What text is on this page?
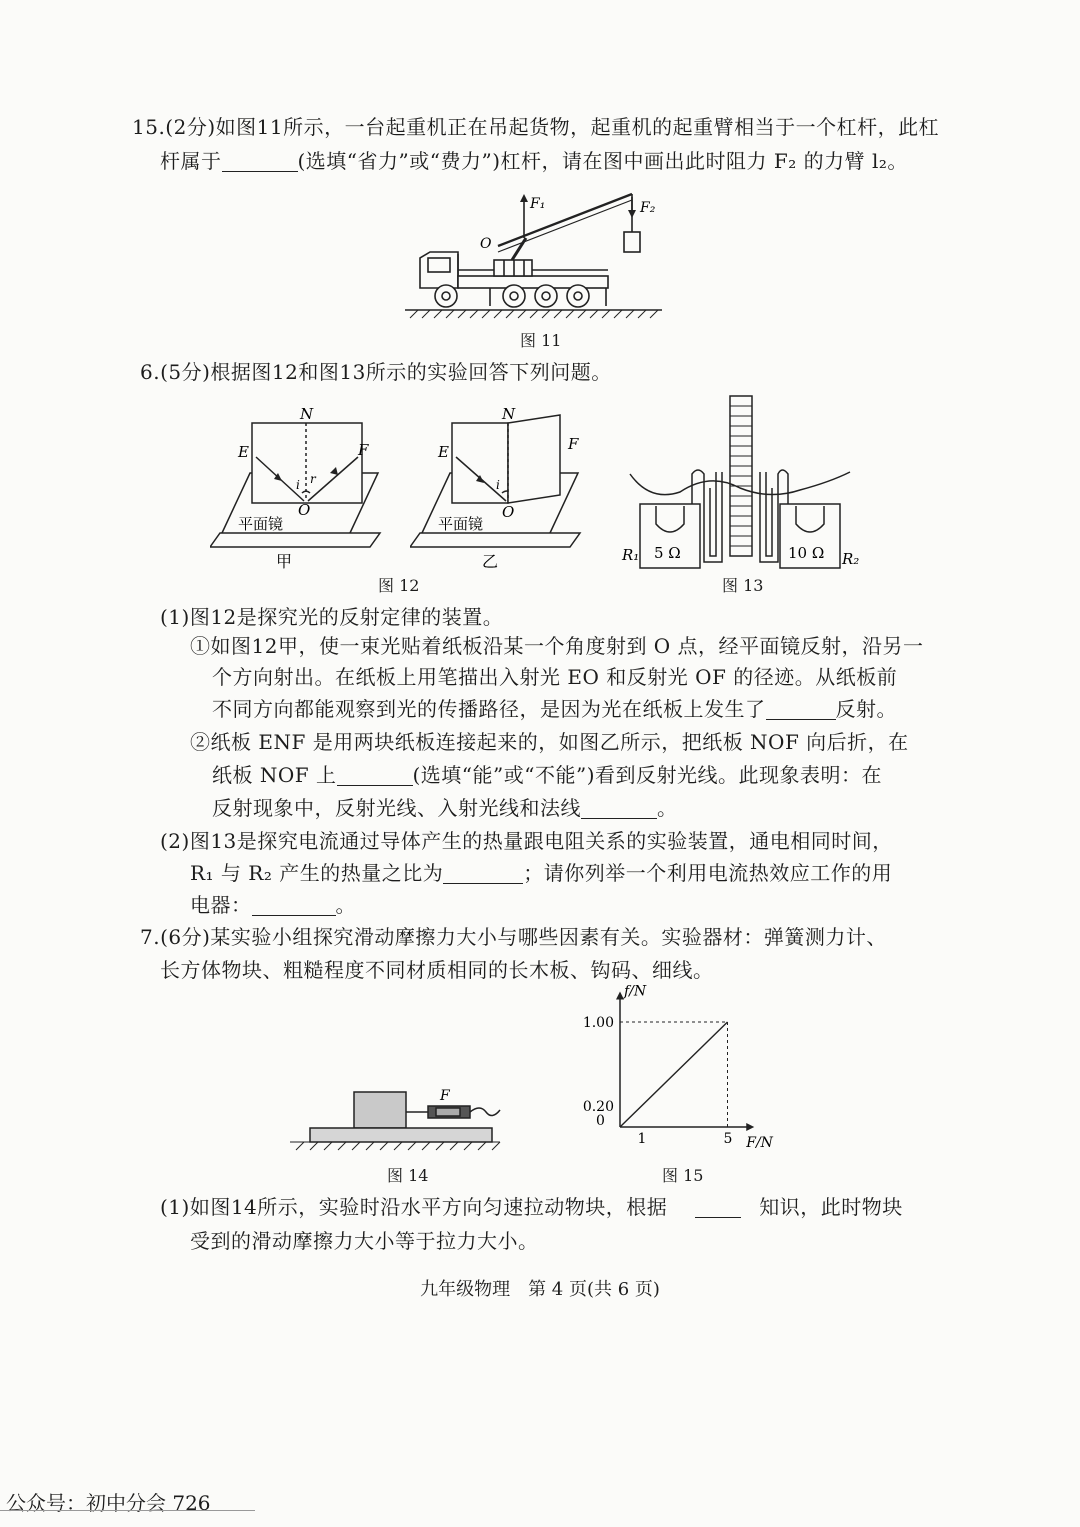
15.(2分)如图11所示，一台起重机正在吊起货物，起重机的起重臂相当于一个杠杆，此杠
杆属于	(选填“省力”或“费力”)杠杆，请在图中画出此时阻力 F₂ 的力臂 l₂。
F₁	F₂
O
图 11
6.(5分)根据图12和图13所示的实验回答下列问题。
N
E	F
O
i r
平面镜
甲
N
E	F
O
i
平面镜
乙
图 12
5 Ω	10 Ω
R₁	R₂
图 13
(1)图12是探究光的反射定律的装置。
①如图12甲，使一束光贴着纸板沿某一个角度射到 O 点，经平面镜反射，沿另一
个方向射出。在纸板上用笔描出入射光 EO 和反射光 OF 的径迹。从纸板前
不同方向都能观察到光的传播路径，是因为光在纸板上发生了	反射。
②纸板 ENF 是用两块纸板连接起来的，如图乙所示，把纸板 NOF 向后折，在
纸板 NOF 上	(选填“能”或“不能”)看到反射光线。此现象表明：在
反射现象中，反射光线、入射光线和法线	。
(2)图13是探究电流通过导体产生的热量跟电阻关系的实验装置，通电相同时间，
R₁ 与 R₂ 产生的热量之比为	；请你列举一个利用电流热效应工作的用
电器：	。
7.(6分)某实验小组探究滑动摩擦力大小与哪些因素有关。实验器材：弹簧测力计、
长方体物块、粗糙程度不同材质相同的长木板、钩码、细线。
F
图 14
f/N
F/N
0
1	5
0.20
1.00
图 15
(1)如图14所示，实验时沿水平方向匀速拉动物块，根据	知识，此时物块
受到的滑动摩擦力大小等于拉力大小。
九年级物理　第 4 页(共 6 页)
公众号：初中分会 726
